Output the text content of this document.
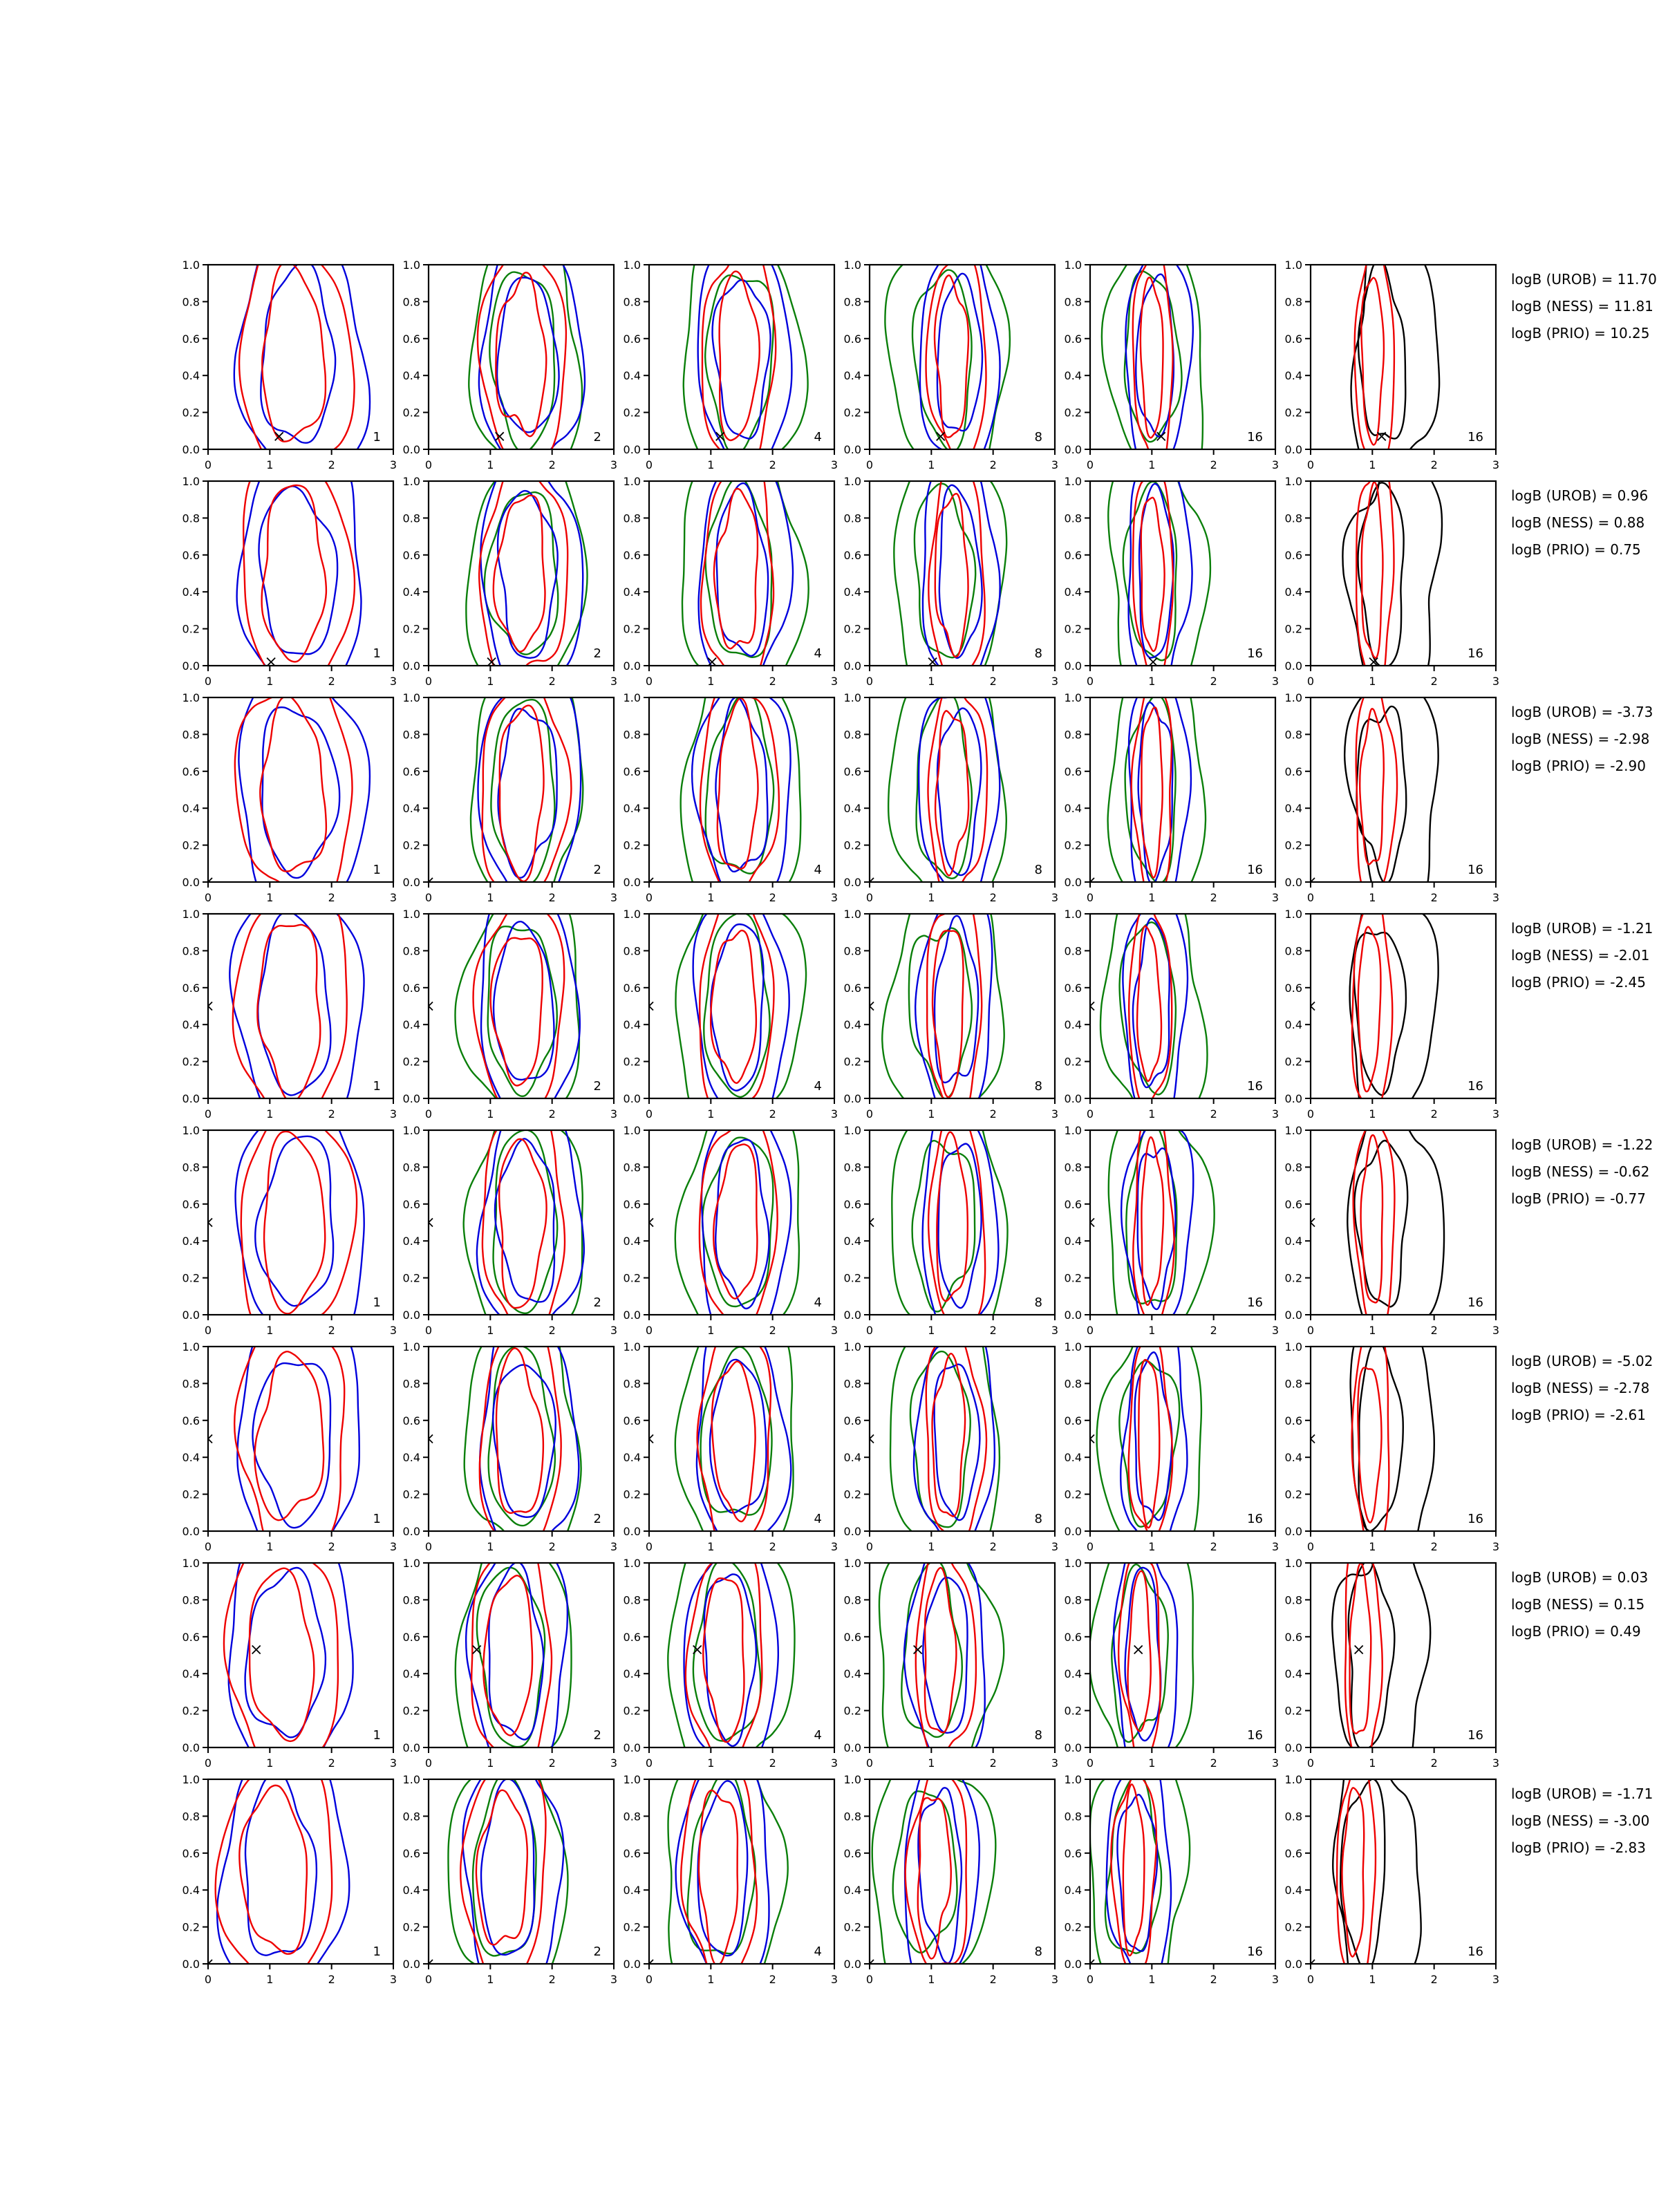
0	1	2	3
0.0
0.2
0.4
0.6
0.8
1.0
1
0	1	2	3
0.0
0.2
0.4
0.6
0.8
1.0
2
0	1	2	3
0.0
0.2
0.4
0.6
0.8
1.0
4
0	1	2	3
0.0
0.2
0.4
0.6
0.8
1.0
8
0	1	2	3
0.0
0.2
0.4
0.6
0.8
1.0
16
0	1	2	3
0.0
0.2
0.4
0.6
0.8
1.0
16

logB (UROB) = 11.70

logB (NESS) = 11.81

logB (PRIO) = 10.25

0	1	2	3
0.0
0.2
0.4
0.6
0.8
1.0
1
0	1	2	3
0.0
0.2
0.4
0.6
0.8
1.0
2
0	1	2	3
0.0
0.2
0.4
0.6
0.8
1.0
4
0	1	2	3
0.0
0.2
0.4
0.6
0.8
1.0
8
0	1	2	3
0.0
0.2
0.4
0.6
0.8
1.0
16
0	1	2	3
0.0
0.2
0.4
0.6
0.8
1.0
16

logB (UROB) = 0.96

logB (NESS) = 0.88

logB (PRIO) = 0.75

0	1	2	3
0.0
0.2
0.4
0.6
0.8
1.0
1
0	1	2	3
0.0
0.2
0.4
0.6
0.8
1.0
2
0	1	2	3
0.0
0.2
0.4
0.6
0.8
1.0
4
0	1	2	3
0.0
0.2
0.4
0.6
0.8
1.0
8
0	1	2	3
0.0
0.2
0.4
0.6
0.8
1.0
16
0	1	2	3
0.0
0.2
0.4
0.6
0.8
1.0
16

logB (UROB) = -3.73

logB (NESS) = -2.98

logB (PRIO) = -2.90

0	1	2	3
0.0
0.2
0.4
0.6
0.8
1.0
1
0	1	2	3
0.0
0.2
0.4
0.6
0.8
1.0
2
0	1	2	3
0.0
0.2
0.4
0.6
0.8
1.0
4
0	1	2	3
0.0
0.2
0.4
0.6
0.8
1.0
8
0	1	2	3
0.0
0.2
0.4
0.6
0.8
1.0
16
0	1	2	3
0.0
0.2
0.4
0.6
0.8
1.0
16

logB (UROB) = -1.21

logB (NESS) = -2.01

logB (PRIO) = -2.45

0	1	2	3
0.0
0.2
0.4
0.6
0.8
1.0
1
0	1	2	3
0.0
0.2
0.4
0.6
0.8
1.0
2
0	1	2	3
0.0
0.2
0.4
0.6
0.8
1.0
4
0	1	2	3
0.0
0.2
0.4
0.6
0.8
1.0
8
0	1	2	3
0.0
0.2
0.4
0.6
0.8
1.0
16
0	1	2	3
0.0
0.2
0.4
0.6
0.8
1.0
16

logB (UROB) = -1.22

logB (NESS) = -0.62

logB (PRIO) = -0.77

0	1	2	3
0.0
0.2
0.4
0.6
0.8
1.0
1
0	1	2	3
0.0
0.2
0.4
0.6
0.8
1.0
2
0	1	2	3
0.0
0.2
0.4
0.6
0.8
1.0
4
0	1	2	3
0.0
0.2
0.4
0.6
0.8
1.0
8
0	1	2	3
0.0
0.2
0.4
0.6
0.8
1.0
16
0	1	2	3
0.0
0.2
0.4
0.6
0.8
1.0
16

logB (UROB) = -5.02

logB (NESS) = -2.78

logB (PRIO) = -2.61

0	1	2	3
0.0
0.2
0.4
0.6
0.8
1.0
1
0	1	2	3
0.0
0.2
0.4
0.6
0.8
1.0
2
0	1	2	3
0.0
0.2
0.4
0.6
0.8
1.0
4
0	1	2	3
0.0
0.2
0.4
0.6
0.8
1.0
8
0	1	2	3
0.0
0.2
0.4
0.6
0.8
1.0
16
0	1	2	3
0.0
0.2
0.4
0.6
0.8
1.0
16

logB (UROB) = 0.03

logB (NESS) = 0.15

logB (PRIO) = 0.49

0	1	2	3
0.0
0.2
0.4
0.6
0.8
1.0
1
0	1	2	3
0.0
0.2
0.4
0.6
0.8
1.0
2
0	1	2	3
0.0
0.2
0.4
0.6
0.8
1.0
4
0	1	2	3
0.0
0.2
0.4
0.6
0.8
1.0
8
0	1	2	3
0.0
0.2
0.4
0.6
0.8
1.0
16
0	1	2	3
0.0
0.2
0.4
0.6
0.8
1.0
16

logB (UROB) = -1.71

logB (NESS) = -3.00

logB (PRIO) = -2.83
